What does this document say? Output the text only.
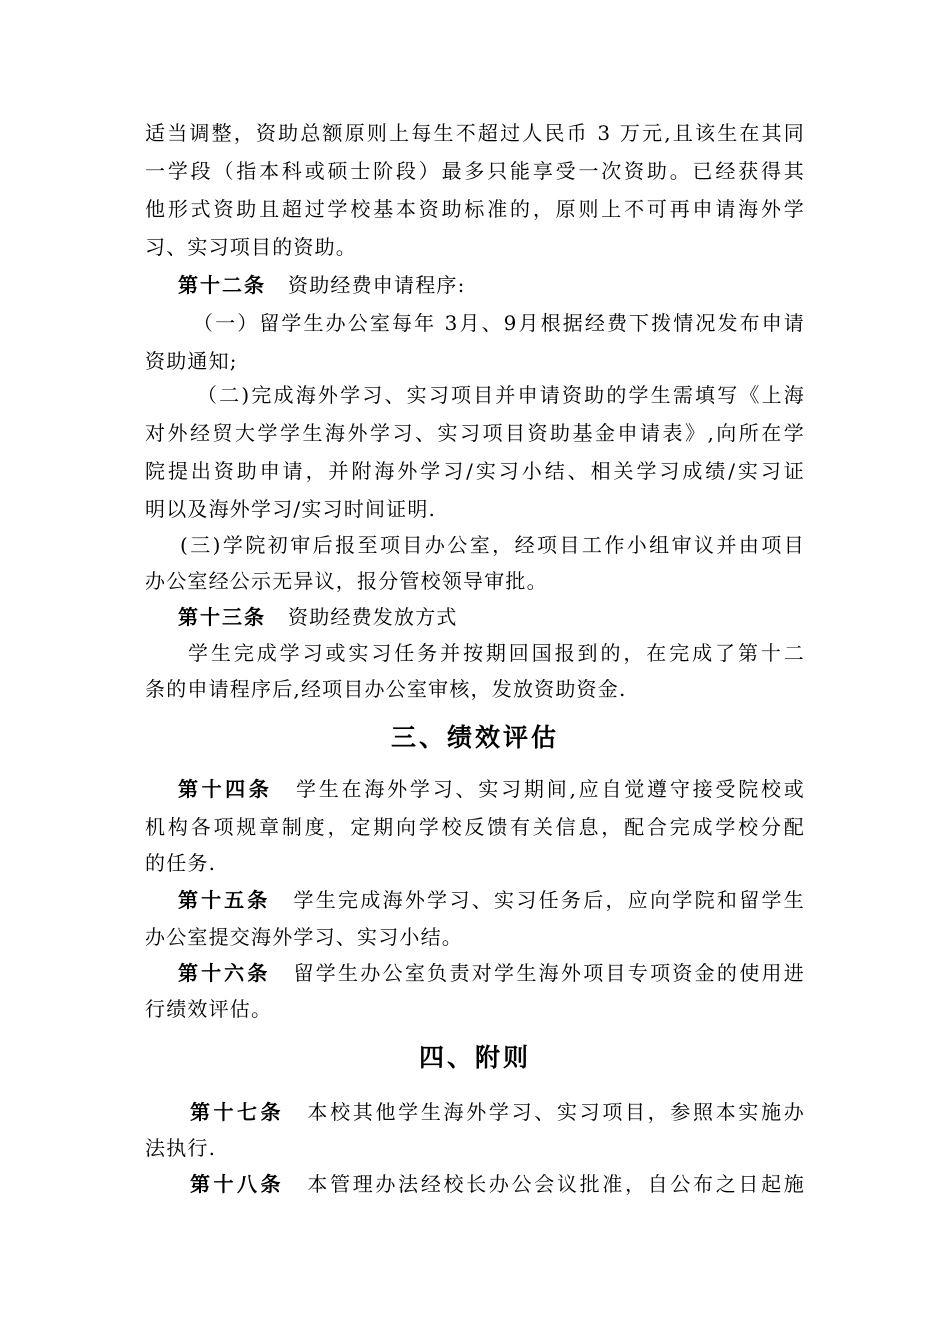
适当调整，资助总额原则上每生不超过人民币 3 万元,且该生在其同
一学段（指本科或硕士阶段）最多只能享受一次资助。已经获得其
他形式资助且超过学校基本资助标准的，原则上不可再申请海外学
习、实习项目的资助。
第十二条 资助经费申请程序:
（一）留学生办公室每年 3月、9月根据经费下拨情况发布申请
资助通知;
（二)完成海外学习、实习项目并申请资助的学生需填写《上海
对外经贸大学学生海外学习、实习项目资助基金申请表》,向所在学
院提出资助申请，并附海外学习/实习小结、相关学习成绩/实习证
明以及海外学习/实习时间证明.
(三)学院初审后报至项目办公室，经项目工作小组审议并由项目
办公室经公示无异议，报分管校领导审批。
第十三条 资助经费发放方式
学生完成学习或实习任务并按期回国报到的，在完成了第十二
条的申请程序后,经项目办公室审核，发放资助资金.
三、绩效评估
第十四条 学生在海外学习、实习期间,应自觉遵守接受院校或
机构各项规章制度，定期向学校反馈有关信息，配合完成学校分配
的任务.
第十五条 学生完成海外学习、实习任务后，应向学院和留学生
办公室提交海外学习、实习小结。
第十六条 留学生办公室负责对学生海外项目专项资金的使用进
行绩效评估。
四、附则
第十七条 本校其他学生海外学习、实习项目，参照本实施办
法执行.
第十八条 本管理办法经校长办公会议批准，自公布之日起施
